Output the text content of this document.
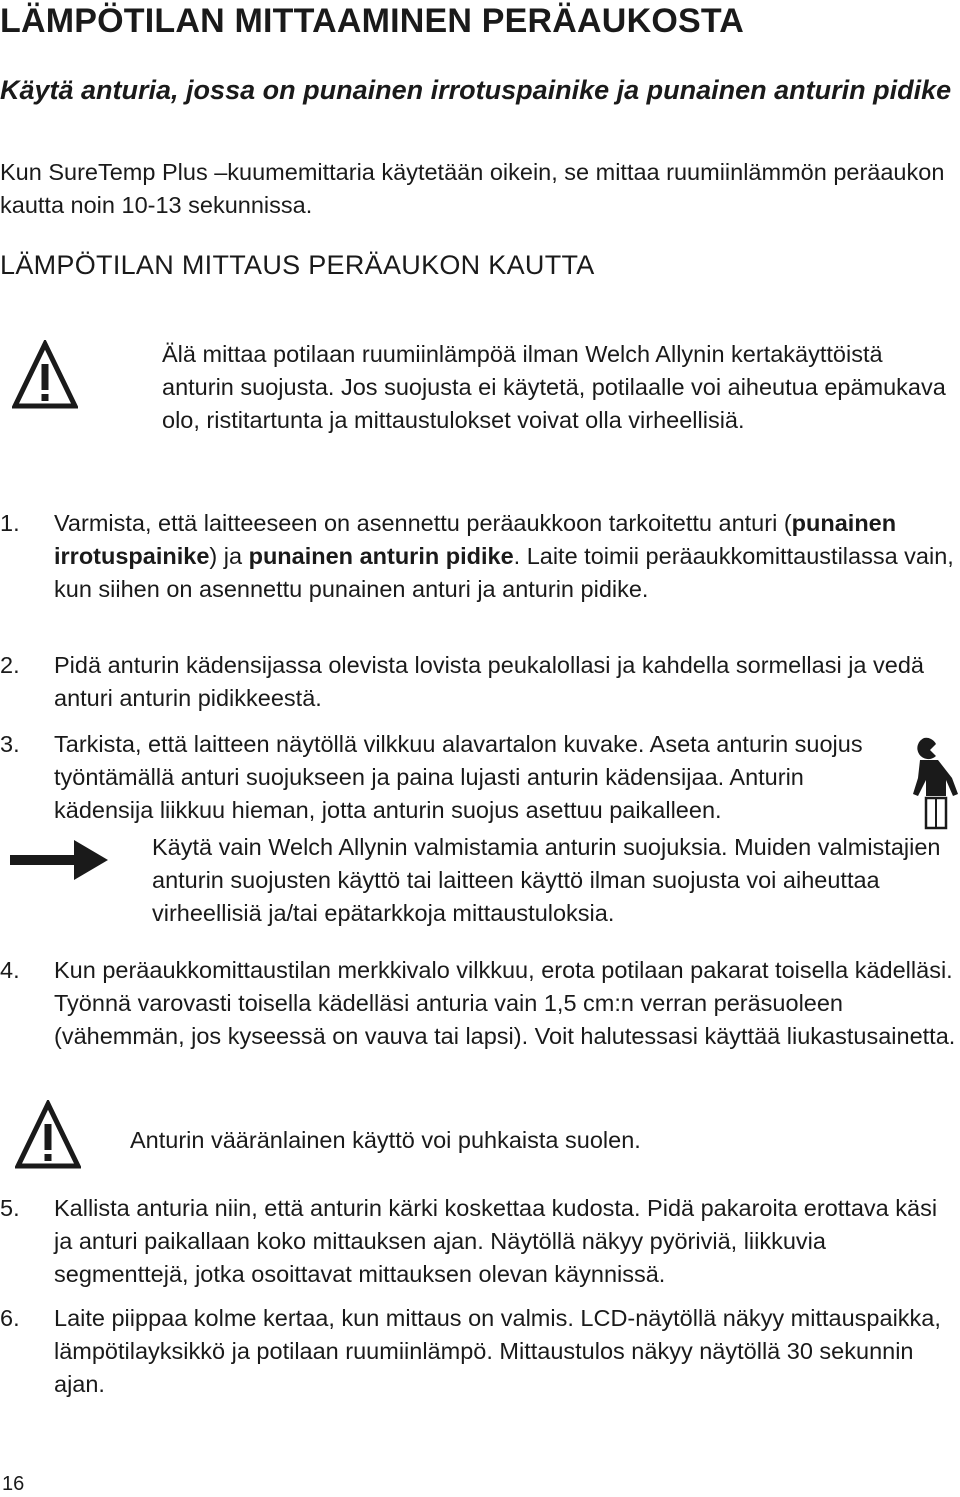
LÄMPÖTILAN MITTAAMINEN PERÄAUKOSTA
Käytä anturia, jossa on punainen irrotuspainike ja punainen anturin pidike
Kun SureTemp Plus –kuumemittaria käytetään oikein, se mittaa ruumiinlämmön peräaukon kautta noin 10-13 sekunnissa.
LÄMPÖTILAN MITTAUS PERÄAUKON KAUTTA
Älä mittaa potilaan ruumiinlämpöä ilman Welch Allynin kertakäyttöistä anturin suojusta. Jos suojusta ei käytetä, potilaalle voi aiheutua epämukava olo, ristitartunta ja mittaustulokset voivat olla virheellisiä.
1. Varmista, että laitteeseen on asennettu peräaukkoon tarkoitettu anturi (punainen irrotuspainike) ja punainen anturin pidike. Laite toimii peräaukkomittaustilassa vain, kun siihen on asennettu punainen anturi ja anturin pidike.
2. Pidä anturin kädensijassa olevista lovista peukalollasi ja kahdella sormellasi ja vedä anturi anturin pidikkeestä.
3. Tarkista, että laitteen näytöllä vilkkuu alavartalon kuvake. Aseta anturin suojus työntämällä anturi suojukseen ja paina lujasti anturin kädensijaa. Anturin kädensija liikkuu hieman, jotta anturin suojus asettuu paikalleen.
Käytä vain Welch Allynin valmistamia anturin suojuksia. Muiden valmistajien anturin suojusten käyttö tai laitteen käyttö ilman suojusta voi aiheuttaa virheellisiä ja/tai epätarkkoja mittaustuloksia.
4. Kun peräaukkomittaustilan merkkivalo vilkkuu, erota potilaan pakarat toisella kädelläsi. Työnnä varovasti toisella kädelläsi anturia vain 1,5 cm:n verran peräsuoleen (vähemmän, jos kyseessä on vauva tai lapsi). Voit halutessasi käyttää liukastusainetta.
Anturin vääränlainen käyttö voi puhkaista suolen.
5. Kallista anturia niin, että anturin kärki koskettaa kudosta. Pidä pakaroita erottava käsi ja anturi paikallaan koko mittauksen ajan. Näytöllä näkyy pyöriviä, liikkuvia segmenttejä, jotka osoittavat mittauksen olevan käynnissä.
6. Laite piippaa kolme kertaa, kun mittaus on valmis. LCD-näytöllä näkyy mittauspaikka, lämpötilayksikkö ja potilaan ruumiinlämpö. Mittaustulos näkyy näytöllä 30 sekunnin ajan.
16
